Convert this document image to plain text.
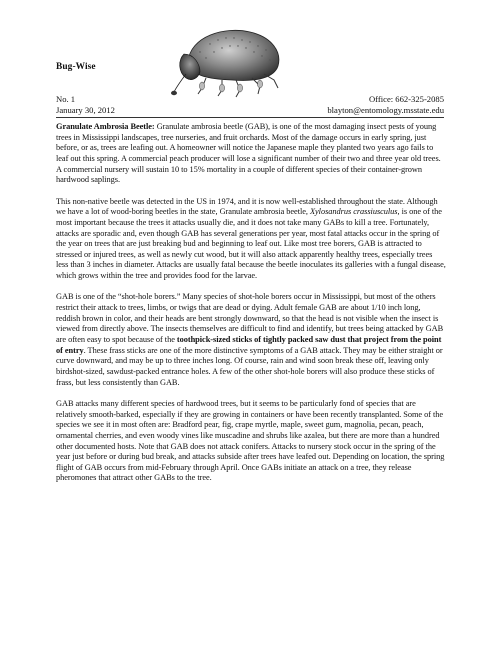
Bug-Wise
No. 1	Office: 662-325-2085
January 30, 2012	blayton@entomology.msstate.edu

Granulate Ambrosia Beetle: Granulate ambrosia beetle (GAB), is one of the most damaging insect pests of young trees in Mississippi landscapes, tree nurseries, and fruit orchards. Most of the damage occurs in early spring, just before, or as, trees are leafing out. A homeowner will notice the Japanese maple they planted two years ago fails to leaf out this spring. A commercial peach producer will lose a significant number of their two and three year old trees. A commercial nursery will sustain 10 to 15% mortality in a couple of different species of their container-grown hardwood saplings.

This non-native beetle was detected in the US in 1974, and it is now well-established throughout the state. Although we have a lot of wood-boring beetles in the state, Granulate ambrosia beetle, Xylosandrus crassiusculus, is one of the most important because the trees it attacks usually die, and it does not take many GABs to kill a tree. Fortunately, attacks are sporadic and, even though GAB has several generations per year, most fatal attacks occur in the spring of the year on trees that are just breaking bud and beginning to leaf out. Like most tree borers, GAB is attracted to stressed or injured trees, as well as newly cut wood, but it will also attack apparently healthy trees, especially trees less than 3 inches in diameter. Attacks are usually fatal because the beetle inoculates its galleries with a fungal disease, which grows within the tree and provides food for the larvae.

GAB is one of the “shot-hole borers.” Many species of shot-hole borers occur in Mississippi, but most of the others restrict their attack to trees, limbs, or twigs that are dead or dying. Adult female GAB are about 1/10 inch long, reddish brown in color, and their heads are bent strongly downward, so that the head is not visible when the insect is viewed from directly above. The insects themselves are difficult to find and identify, but trees being attacked by GAB are often easy to spot because of the toothpick-sized sticks of tightly packed saw dust that project from the point of entry. These frass sticks are one of the more distinctive symptoms of a GAB attack. They may be either straight or curve downward, and may be up to three inches long. Of course, rain and wind soon break these off, leaving only birdshot-sized, sawdust-packed entrance holes. A few of the other shot-hole borers will also produce these sticks of frass, but less consistently than GAB.

GAB attacks many different species of hardwood trees, but it seems to be particularly fond of species that are relatively smooth-barked, especially if they are growing in containers or have been recently transplanted. Some of the species we see it in most often are: Bradford pear, fig, crape myrtle, maple, sweet gum, magnolia, pecan, peach, ornamental cherries, and even woody vines like muscadine and shrubs like azalea, but there are more than a hundred other documented hosts. Note that GAB does not attack conifers. Attacks to nursery stock occur in the spring of the year just before or during bud break, and attacks subside after trees have leafed out. Depending on location, the spring flight of GAB occurs from mid-February through April. Once GABs initiate an attack on a tree, they release pheromones that attract other GABs to the tree.
